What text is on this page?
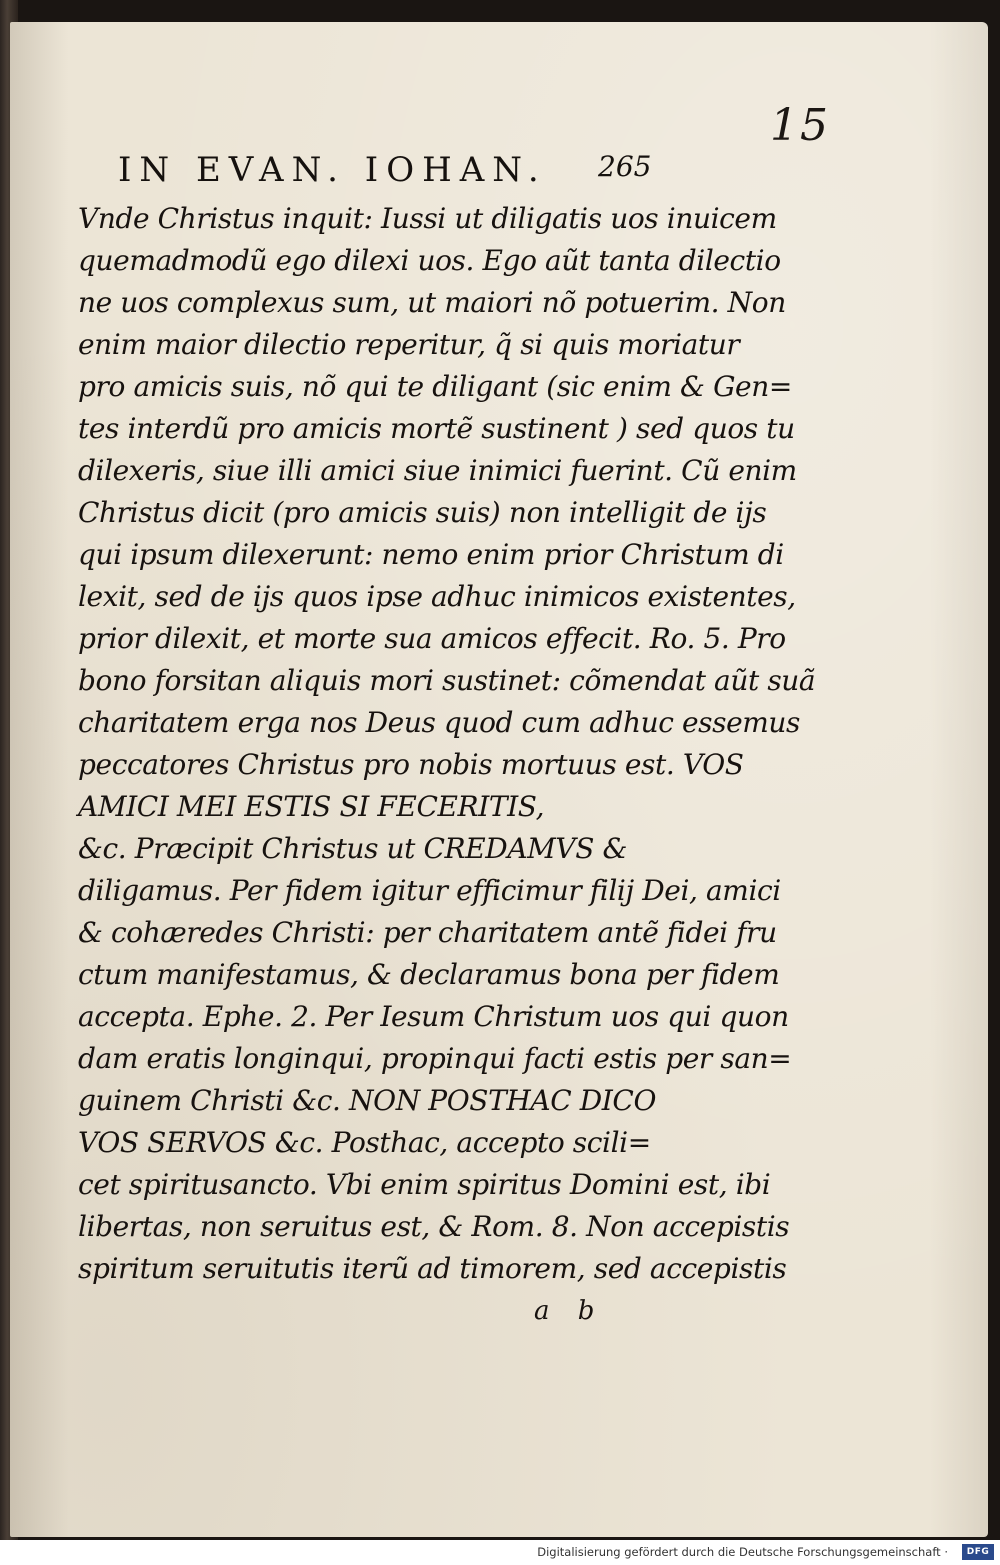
15
IN EVAN. IOHAN. 265
Vnde Christus inquit: Iussi ut diligatis uos inuicem
quemadmodũ ego dilexi uos. Ego aũt tanta dilectio
ne uos complexus sum, ut maiori nõ potuerim. Non
enim maior dilectio reperitur, q̃ si quis moriatur
pro amicis suis, nõ qui te diligant (sic enim & Gen=
tes interdũ pro amicis mortẽ sustinent ) sed quos tu
dilexeris, siue illi amici siue inimici fuerint. Cũ enim
Christus dicit (pro amicis suis) non intelligit de ijs
qui ipsum dilexerunt: nemo enim prior Christum di
lexit, sed de ijs quos ipse adhuc inimicos existentes,
prior dilexit, et morte sua amicos effecit. Ro. 5. Pro
bono forsitan aliquis mori sustinet: cõmendat aũt suã
charitatem erga nos Deus quod cum adhuc essemus
peccatores Christus pro nobis mortuus est. VOS
AMICI MEI ESTIS SI FECERITIS,
&c. Præcipit Christus ut CREDAMVS &
diligamus. Per fidem igitur efficimur filij Dei, amici
& cohæredes Christi: per charitatem antẽ fidei fru
ctum manifestamus, & declaramus bona per fidem
accepta. Ephe. 2. Per Iesum Christum uos qui quon
dam eratis longinqui, propinqui facti estis per san=
guinem Christi &c. NON POSTHAC DICO
VOS SERVOS &c. Posthac, accepto scili=
cet spiritusancto. Vbi enim spiritus Domini est, ibi
libertas, non seruitus est, & Rom. 8. Non accepistis
spiritum seruitutis iterũ ad timorem, sed accepistis
a b
Digitalisierung gefördert durch die Deutsche Forschungsgemeinschaft ·	DFG
